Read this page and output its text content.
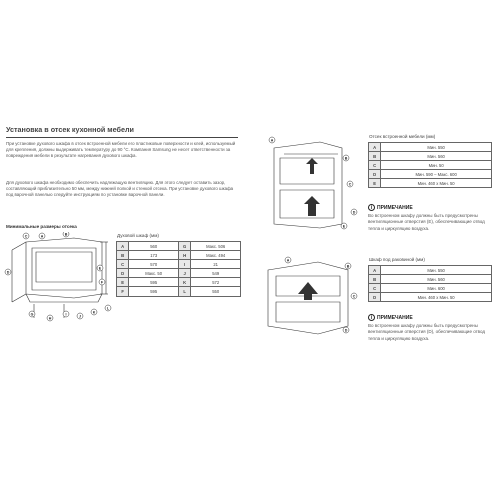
Установка в отсек кухонной мебели
При установке духового шкафа в отсек встроенной мебели его пластиковые поверхности и клей, используемый для крепления, должны выдерживать температуру до 90 °C. Компания Samsung не несет ответственности за повреждения мебели в результате нагревания духового шкафа.
Для духового шкафа необходимо обеспечить надлежащую вентиляцию. Для этого следует оставить зазор, составляющий приблизительно 50 мм, между нижней полкой и стенкой отсека. При установке духового шкафа под варочной панелью следуйте инструкциям по установке варочной панели.
Минимальные размеры отсека
C	A	B
D
E
F
G
H
I	J
K
L
Духовой шкаф (мм)
A	560	G	Макс. 506
B	173	H	Макс. 494
C	570	I	21
D	Макс. 50	J	549
E	595	K	572
F	595	L	550
A
B
C
D
E
Отсек встроенной мебели (мм)
A	Мин. 550
B	Мин. 560
C	Мин. 50
D	Мин. 590 – Макс. 600
E	Мин. 460 x Мин. 50
i ПРИМЕЧАНИЕ
Во встроенном шкафу должны быть предусмотрены вентиляционные отверстия (E), обеспечивающие отвод тепла и циркуляцию воздуха.
A
B
C
D
Шкаф под раковиной (мм)
A	Мин. 550
B	Мин. 560
C	Мин. 600
D	Мин. 460 x Мин. 50
i ПРИМЕЧАНИЕ
Во встроенном шкафу должны быть предусмотрены вентиляционные отверстия (D), обеспечивающие отвод тепла и циркуляцию воздуха.
